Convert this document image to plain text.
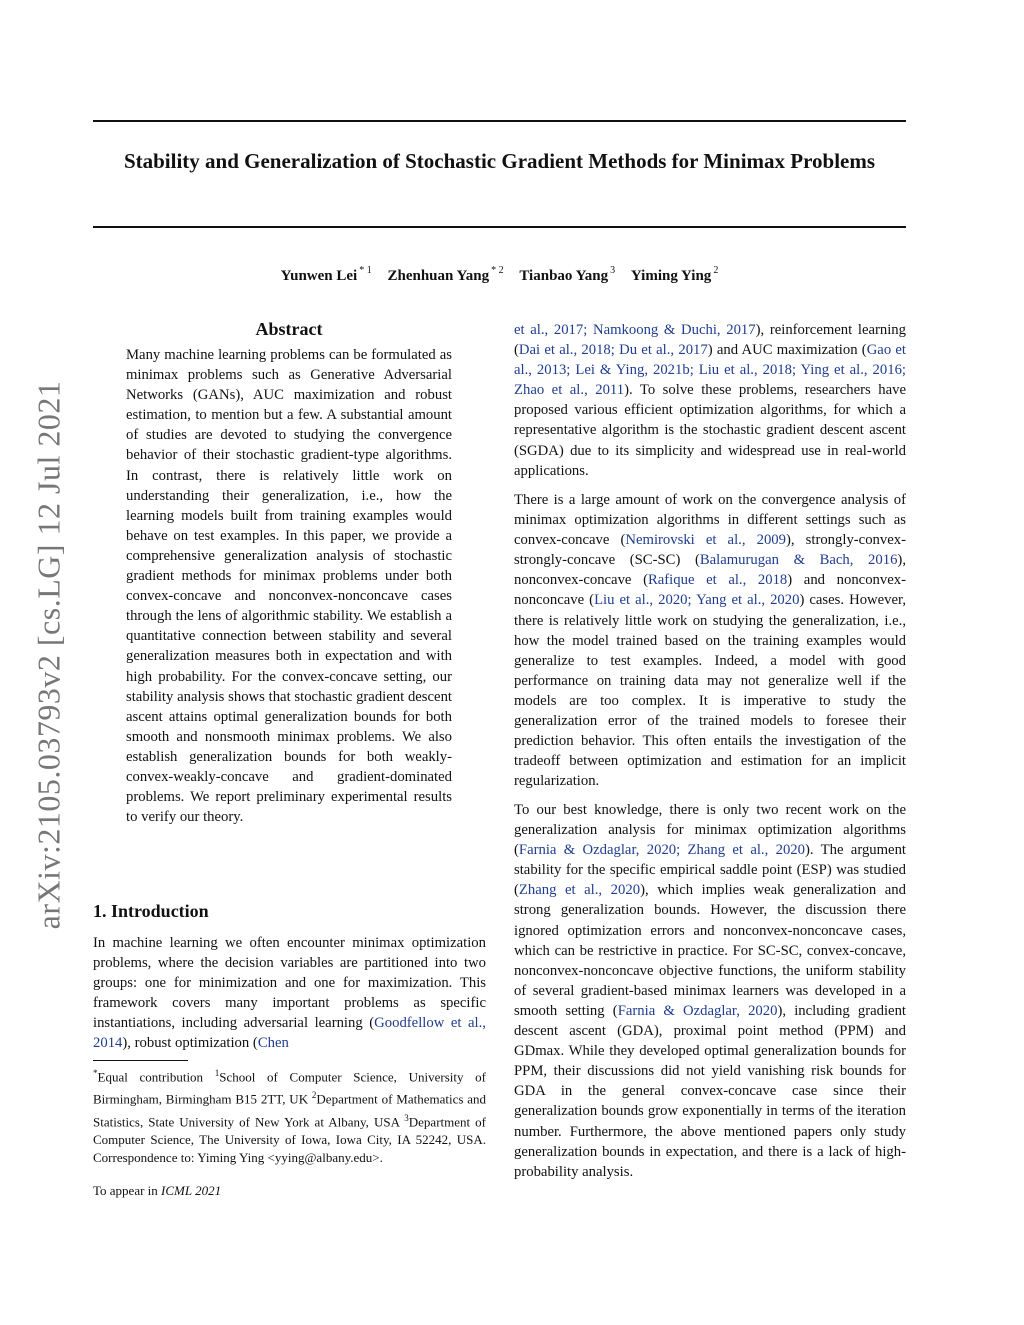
Stability and Generalization of Stochastic Gradient Methods for Minimax Problems
Yunwen Lei $^{* 1}$ Zhenhuan Yang $^{* 2}$ Tianbao Yang $^3$ Yiming Ying $^2$
arXiv:2105.03793v2 [cs.LG] 12 Jul 2021
Abstract

Many machine learning problems can be formulated as minimax problems such as Generative Adversarial Networks (GANs), AUC maximization and robust estimation, to mention but a few. A substantial amount of studies are devoted to studying the convergence behavior of their stochastic gradient-type algorithms. In contrast, there is relatively little work on understanding their generalization, i.e., how the learning models built from training examples would behave on test examples. In this paper, we provide a comprehensive generalization analysis of stochastic gradient methods for minimax problems under both convex-concave and nonconvex-nonconcave cases through the lens of algorithmic stability. We establish a quantitative connection between stability and several generalization measures both in expectation and with high probability. For the convex-concave setting, our stability analysis shows that stochastic gradient descent ascent attains optimal generalization bounds for both smooth and nonsmooth minimax problems. We also establish generalization bounds for both weakly-convex-weakly-concave and gradient-dominated problems. We report preliminary experimental results to verify our theory.

1. Introduction

In machine learning we often encounter minimax optimization problems, where the decision variables are partitioned into two groups: one for minimization and one for maximization. This framework covers many important problems as specific instantiations, including adversarial learning (Goodfellow et al., 2014), robust optimization (Chen

*Equal contribution $^1$School of Computer Science, University of Birmingham, Birmingham B15 2TT, UK $^2$Department of Mathematics and Statistics, State University of New York at Albany, USA $^3$Department of Computer Science, The University of Iowa, Iowa City, IA 52242, USA. Correspondence to: Yiming Ying <yying@albany.edu>.

To appear in ICML 2021

et al., 2017; Namkoong & Duchi, 2017), reinforcement learning (Dai et al., 2018; Du et al., 2017) and AUC maximization (Gao et al., 2013; Lei & Ying, 2021b; Liu et al., 2018; Ying et al., 2016; Zhao et al., 2011). To solve these problems, researchers have proposed various efficient optimization algorithms, for which a representative algorithm is the stochastic gradient descent ascent (SGDA) due to its simplicity and widespread use in real-world applications.

There is a large amount of work on the convergence analysis of minimax optimization algorithms in different settings such as convex-concave (Nemirovski et al., 2009), strongly-convex-strongly-concave (SC-SC) (Balamurugan & Bach, 2016), nonconvex-concave (Rafique et al., 2018) and nonconvex-nonconcave (Liu et al., 2020; Yang et al., 2020) cases. However, there is relatively little work on studying the generalization, i.e., how the model trained based on the training examples would generalize to test examples. Indeed, a model with good performance on training data may not generalize well if the models are too complex. It is imperative to study the generalization error of the trained models to foresee their prediction behavior. This often entails the investigation of the tradeoff between optimization and estimation for an implicit regularization.

To our best knowledge, there is only two recent work on the generalization analysis for minimax optimization algorithms (Farnia & Ozdaglar, 2020; Zhang et al., 2020). The argument stability for the specific empirical saddle point (ESP) was studied (Zhang et al., 2020), which implies weak generalization and strong generalization bounds. However, the discussion there ignored optimization errors and nonconvex-nonconcave cases, which can be restrictive in practice. For SC-SC, convex-concave, nonconvex-nonconcave objective functions, the uniform stability of several gradient-based minimax learners was developed in a smooth setting (Farnia & Ozdaglar, 2020), including gradient descent ascent (GDA), proximal point method (PPM) and GDmax. While they developed optimal generalization bounds for PPM, their discussions did not yield vanishing risk bounds for GDA in the general convex-concave case since their generalization bounds grow exponentially in terms of the iteration number. Furthermore, the above mentioned papers only study generalization bounds in expectation, and there is a lack of high-probability analysis.
